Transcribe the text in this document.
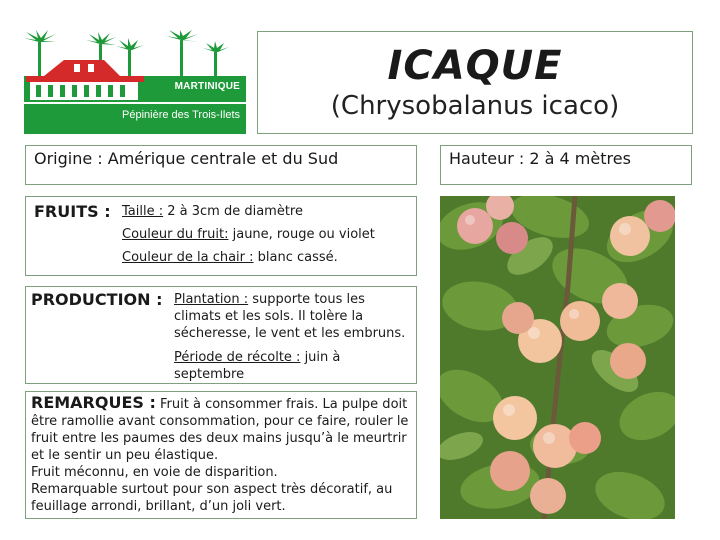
MARTINIQUE
Pépinière des Trois-Ilets
ICAQUE
(Chrysobalanus icaco)
Origine : Amérique centrale et du Sud	Hauteur : 2 à 4 mètres
FRUITS : Taille : 2 à 3cm de diamètre
Couleur du fruit: jaune, rouge ou violet
Couleur de la chair : blanc cassé.
PRODUCTION : Plantation : supporte tous les climats et les sols. Il tolère la sécheresse, le vent et les embruns.

Période de récolte : juin à septembre

REMARQUES : Fruit à consommer frais. La pulpe doit être ramollie avant consommation, pour ce faire, rouler le fruit entre les paumes des deux mains jusqu’à le meurtrir et le sentir un peu élastique.

Fruit méconnu, en voie de disparition.

Remarquable surtout pour son aspect très décoratif, au feuillage arrondi, brillant, d’un joli vert.
